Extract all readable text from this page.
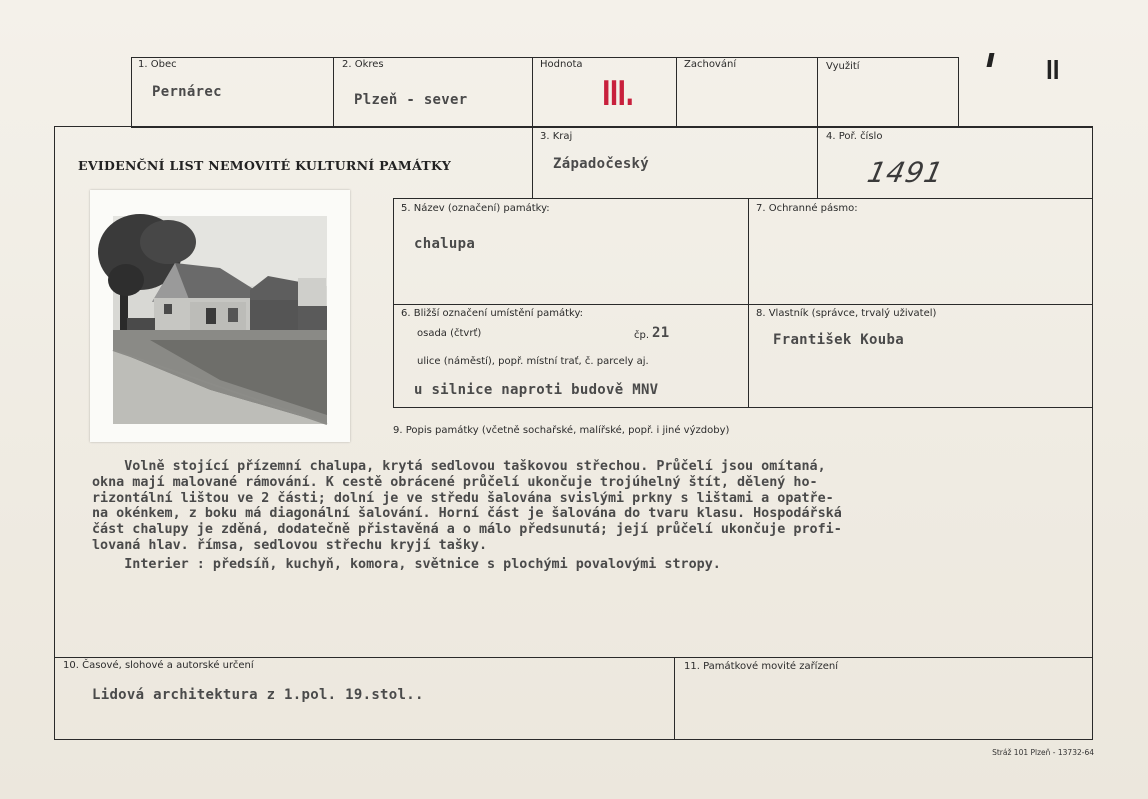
1. Obec
Pernárec
2. Okres
Plzeň - sever
Hodnota
III.
Zachování	Využití	II
EVIDENČNÍ LIST NEMOVITÉ KULTURNÍ PAMÁTKY
3. Kraj
Západočeský
4. Poř. číslo
1491
5. Název (označení) památky:
chalupa
7. Ochranné pásmo:
6. Bližší označení umístění památky:
osada (čtvrť)	čp. 21
ulice (náměstí), popř. místní trať, č. parcely aj.
u silnice naproti budově MNV
8. Vlastník (správce, trvalý uživatel)
František Kouba
9. Popis památky (včetně sochařské, malířské, popř. i jiné výzdoby)
Volně stojící přízemní chalupa, krytá sedlovou taškovou střechou. Průčelí jsou omítaná,
okna mají malované rámování. K cestě obrácené průčelí ukončuje trojúhelný štít, dělený ho-
rizontální lištou ve 2 části; dolní je ve středu šalována svislými prkny s lištami a opatře-
na okénkem, z boku má diagonální šalování. Horní část je šalována do tvaru klasu. Hospodářská
část chalupy je zděná, dodatečně přistavěná a o málo předsunutá; její průčelí ukončuje profi-
lovaná hlav. římsa, sedlovou střechu kryjí tašky.
Interier : předsíň, kuchyň, komora, světnice s plochými povalovými stropy.
10. Časové, slohové a autorské určení
Lidová architektura z 1.pol. 19.stol..
11. Památkové movité zařízení
Stráž 101 Plzeň - 13732-64
